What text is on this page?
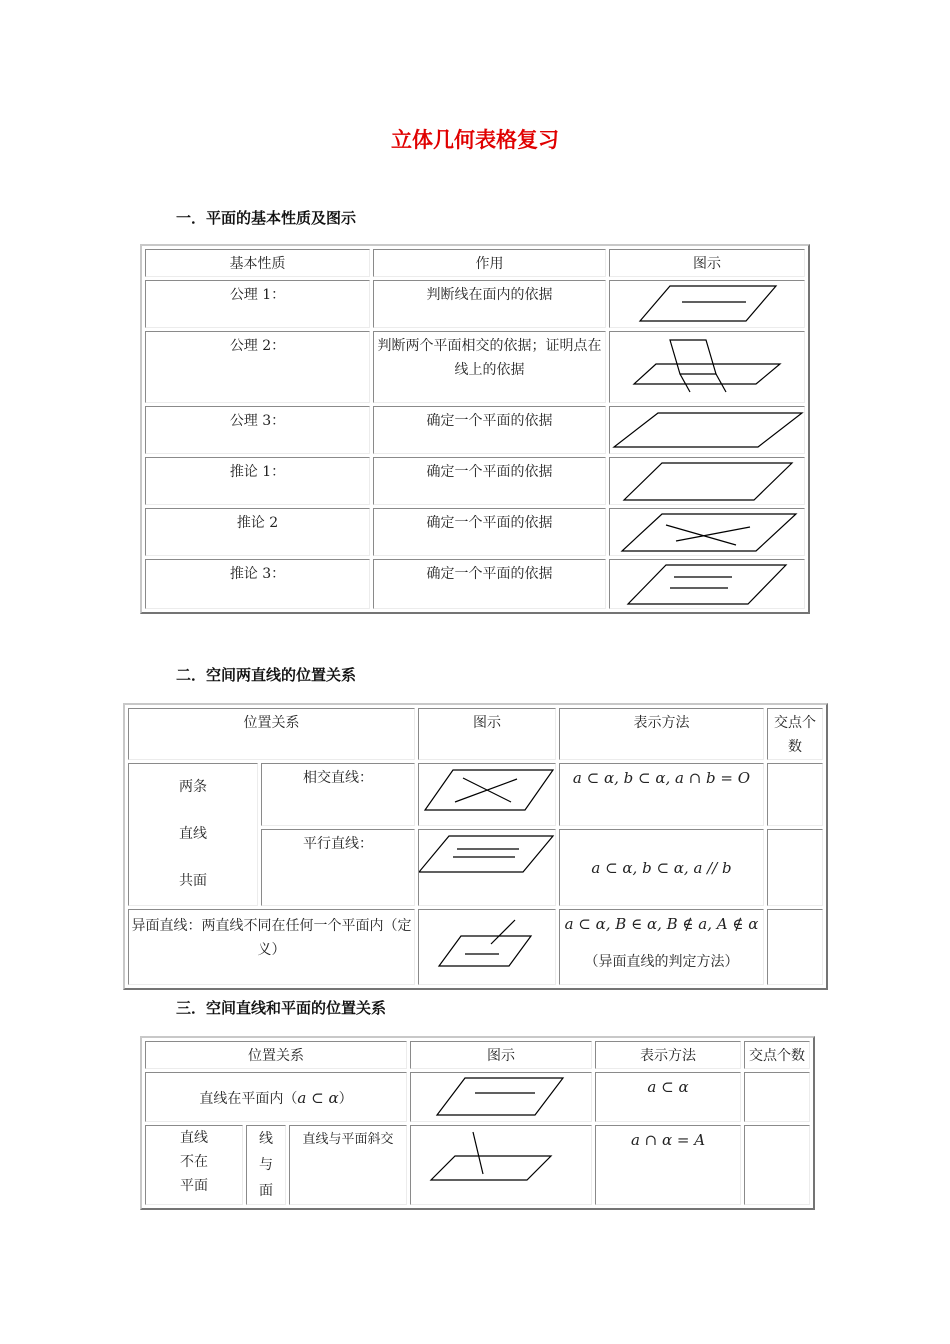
立体几何表格复习
一．平面的基本性质及图示
基本性质	作用	图示
公理 1：	判断线在面内的依据	

公理 2：	判断两个平面相交的依据；证明点在线上的依据	

公理 3：	确定一个平面的依据	

推论 1：	确定一个平面的依据	

推论 2	确定一个平面的依据	

推论 3：	确定一个平面的依据	
二．空间两直线的位置关系
位置关系		图示	表示方法	交点个数

两条
直线
共面	相交直线：		a ⊂ α, b ⊂ α, a ∩ b = O	
	平行直线：		a ⊂ α, b ⊂ α, a // b	
异面直线：两直线不同在任何一个平面内（定义）			a ⊂ α, B ∈ α, B ∉ a, A ∉ α
（异面直线的判定方法）	

三．空间直线和平面的位置关系
位置关系			图示	表示方法	交点个数
直线在平面内（a ⊂ α）				a ⊂ α	
直线不在平面	线与面	直线与平面斜交		a ∩ α = A	
